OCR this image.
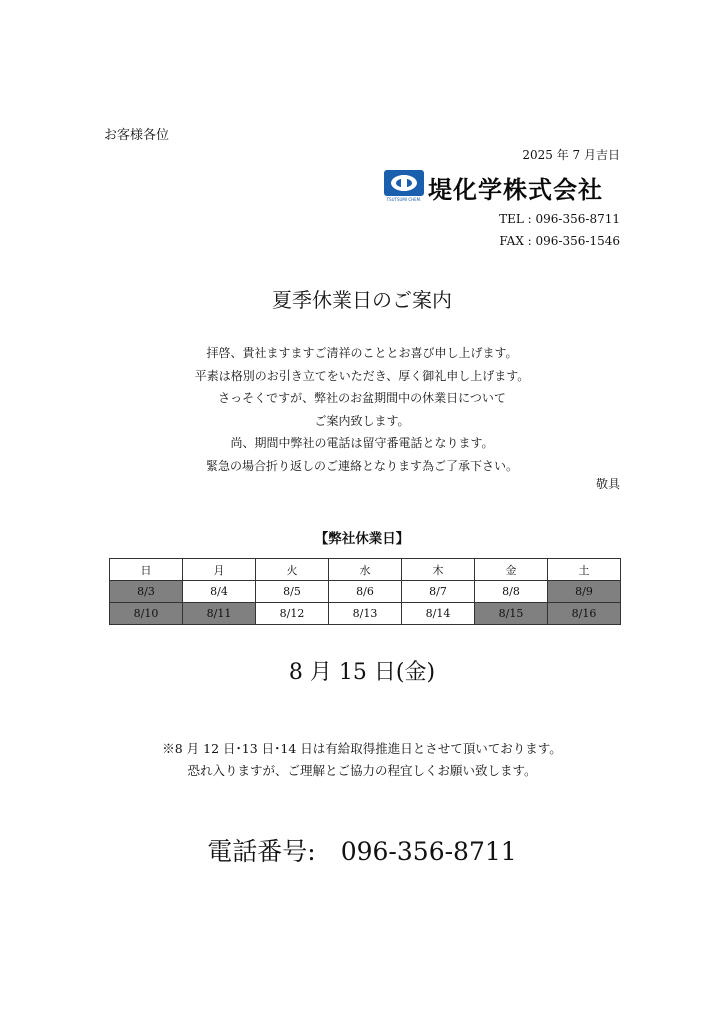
お客様各位
2025 年 7 月吉日
TSUTSUMI CHEM. 堤化学株式会社
TEL : 096-356-8711
FAX : 096-356-1546
夏季休業日のご案内
拝啓、貴社ますますご清祥のこととお喜び申し上げます。
平素は格別のお引き立てをいただき、厚く御礼申し上げます。
さっそくですが、弊社のお盆期間中の休業日について
ご案内致します。
尚、期間中弊社の電話は留守番電話となります。
緊急の場合折り返しのご連絡となります為ご了承下さい。
敬具
【弊社休業日】
日	月	火	水	木	金	土
8/3	8/4	8/5	8/6	8/7	8/8	8/9
8/10	8/11	8/12	8/13	8/14	8/15	8/16
8 月 15 日(金)
※8 月 12 日･13 日･14 日は有給取得推進日とさせて頂いております。
恐れ入りますが、ご理解とご協力の程宜しくお願い致します。
電話番号:　096-356-8711
